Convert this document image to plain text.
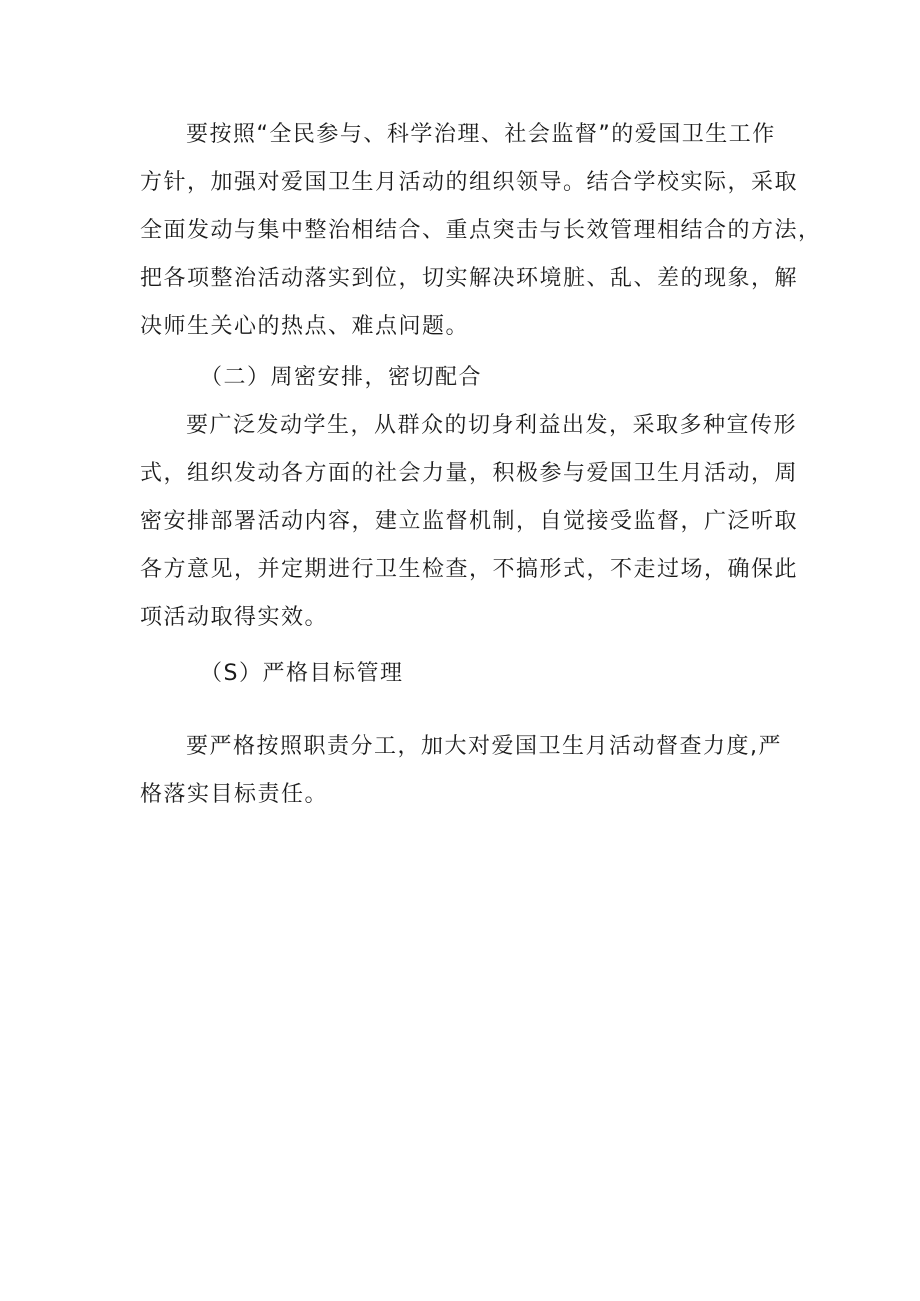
要按照“全民参与、科学治理、社会监督”的爱国卫生工作
方针，加强对爱国卫生月活动的组织领导。结合学校实际，采取
全面发动与集中整治相结合、重点突击与长效管理相结合的方法，
把各项整治活动落实到位，切实解决环境脏、乱、差的现象，解
决师生关心的热点、难点问题。
（二）周密安排，密切配合
要广泛发动学生，从群众的切身利益出发，采取多种宣传形
式，组织发动各方面的社会力量，积极参与爱国卫生月活动，周
密安排部署活动内容，建立监督机制，自觉接受监督，广泛听取
各方意见，并定期进行卫生检查，不搞形式，不走过场，确保此
项活动取得实效。
（S）严格目标管理
要严格按照职责分工，加大对爱国卫生月活动督查力度,严
格落实目标责任。
